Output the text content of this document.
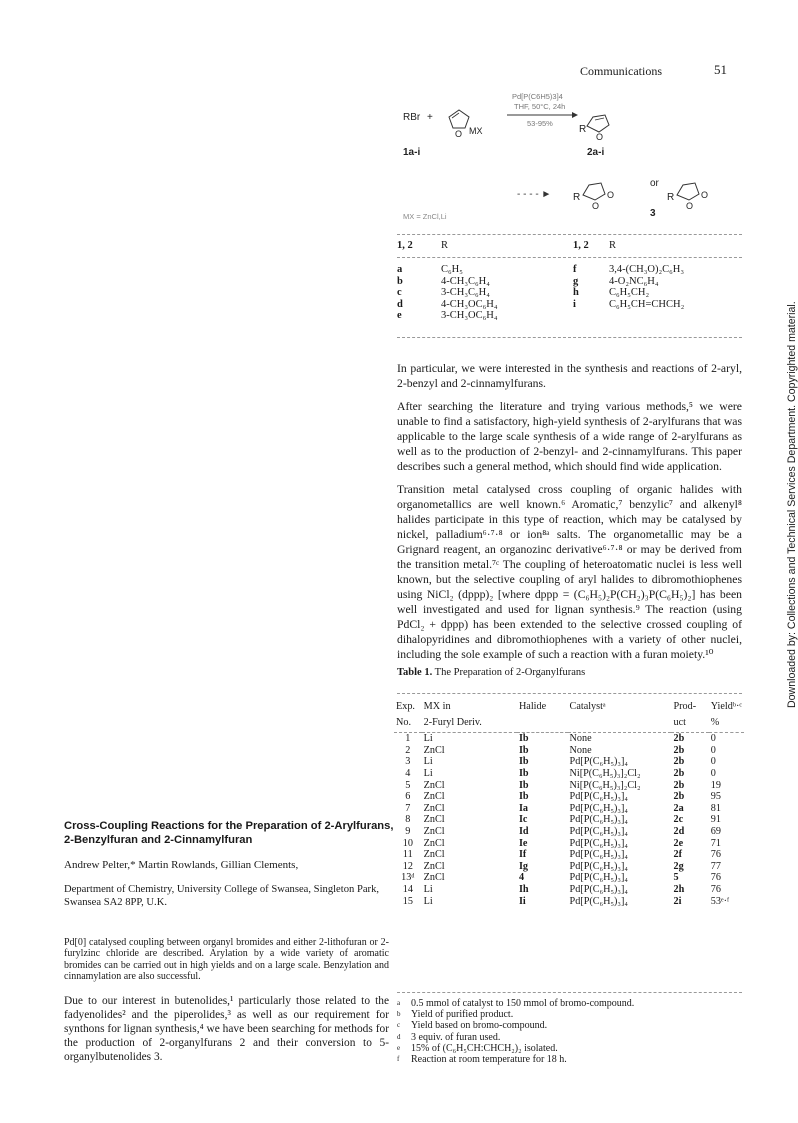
Communications	51
RBr +
O MX
Pd[P(C6H5)3]4
THF, 50°C, 24h
53-95%
R
O
1a-i	2a-i
- - - - ► R	O
O
or
R	O
O
3
MX = ZnCl,Li
1, 2	R	1, 2	R
a	C₆H₅	f	3,4-(CH₃O)₂C₆H₃
b	4-CH₃C₆H₄	g	4-O₂NC₆H₄
c	3-CH₃C₆H₄	h	C₆H₅CH₂
d	4-CH₃OC₆H₄	i	C₆H₅CH=CHCH₂
e	3-CH₃OC₆H₄

In particular, we were interested in the synthesis and reactions of 2-aryl, 2-benzyl and 2-cinnamylfurans.

After searching the literature and trying various methods,⁵ we were unable to find a satisfactory, high-yield synthesis of 2-arylfurans that was applicable to the large scale synthesis of a wide range of 2-arylfurans as well as to the production of 2-benzyl- and 2-cinnamylfurans. This paper describes such a general method, which should find wide application.

Transition metal catalysed cross coupling of organic halides with organometallics are well known.⁶ Aromatic,⁷ benzylic⁷ and alkenyl⁸ halides participate in this type of reaction, which may be catalysed by nickel, palladium⁶·⁷·⁸ or ion⁸ᵃ salts. The organometallic may be a Grignard reagent, an organozinc derivative⁶·⁷·⁸ or may be derived from the transition metal.⁷ᶜ The coupling of heteroatomatic nuclei is less well known, but the selective coupling of aryl halides to dibromothiophenes using NiCl₂ (dppp)₂ [where dppp = (C₆H₅)₂P(CH₂)₃P(C₆H₅)₂] has been well investigated and used for lignan synthesis.⁹ The reaction (using PdCl₂ + dppp) has been extended to the selective crossed coupling of dihalopyridines and dibromothiophenes with a variety of other nuclei, including the sole example of such a reaction with a furan moiety.¹⁰

Table 1. The Preparation of 2-Organylfurans
Exp.	MX in	Halide	Catalystᵃ	Prod-	Yieldᵇ·ᶜ
No.	2-Furyl Deriv.			uct	%
1	Li	Ib	None	2b	0
2	ZnCl	Ib	None	2b	0
3	Li	Ib	Pd[P(C₆H₅)₃]₄	2b	0
4	Li	Ib	Ni[P(C₆H₅)₃]₂Cl₂	2b	0
5	ZnCl	Ib	Ni[P(C₆H₅)₃]₂Cl₂	2b	19
6	ZnCl	Ib	Pd[P(C₆H₅)₃]₄	2b	95
7	ZnCl	Ia	Pd[P(C₆H₅)₃]₄	2a	81
8	ZnCl	Ic	Pd[P(C₆H₅)₃]₄	2c	91
9	ZnCl	Id	Pd[P(C₆H₅)₃]₄	2d	69
10	ZnCl	Ie	Pd[P(C₆H₅)₃]₄	2e	71
11	ZnCl	If	Pd[P(C₆H₅)₃]₄	2f	76
12	ZnCl	Ig	Pd[P(C₆H₅)₃]₄	2g	77
13ᵈ	ZnCl	4	Pd[P(C₆H₅)₃]₄	5	76
14	Li	Ih	Pd[P(C₆H₅)₃]₄	2h	76
15	Li	Ii	Pd[P(C₆H₅)₃]₄	2i	53ᵉ·ᶠ
a	0.5 mmol of catalyst to 150 mmol of bromo-compound.
b	Yield of purified product.
c	Yield based on bromo-compound.
d	3 equiv. of furan used.
e	15% of (C₆H₅CH:CHCH₂)₂ isolated.
f	Reaction at room temperature for 18 h.
Cross-Coupling Reactions for the Preparation of 2-Arylfurans, 2-Benzylfuran and 2-Cinnamylfuran
Andrew Pelter,* Martin Rowlands, Gillian Clements,
Department of Chemistry, University College of Swansea, Singleton Park, Swansea SA2 8PP, U.K.
Pd[0] catalysed coupling between organyl bromides and either 2-lithofuran or 2-furylzinc chloride are described. Arylation by a wide variety of aromatic bromides can be carried out in high yields and on a large scale. Benzylation and cinnamylation are also successful.
Due to our interest in butenolides,¹ particularly those related to the fadyenolides² and the piperolides,³ as well as our requirement for synthons for lignan synthesis,⁴ we have been searching for methods for the production of 2-organylfurans 2 and their conversion to 5-organylbutenolides 3.
Downloaded by: Collections and Technical Services Department. Copyrighted material.
